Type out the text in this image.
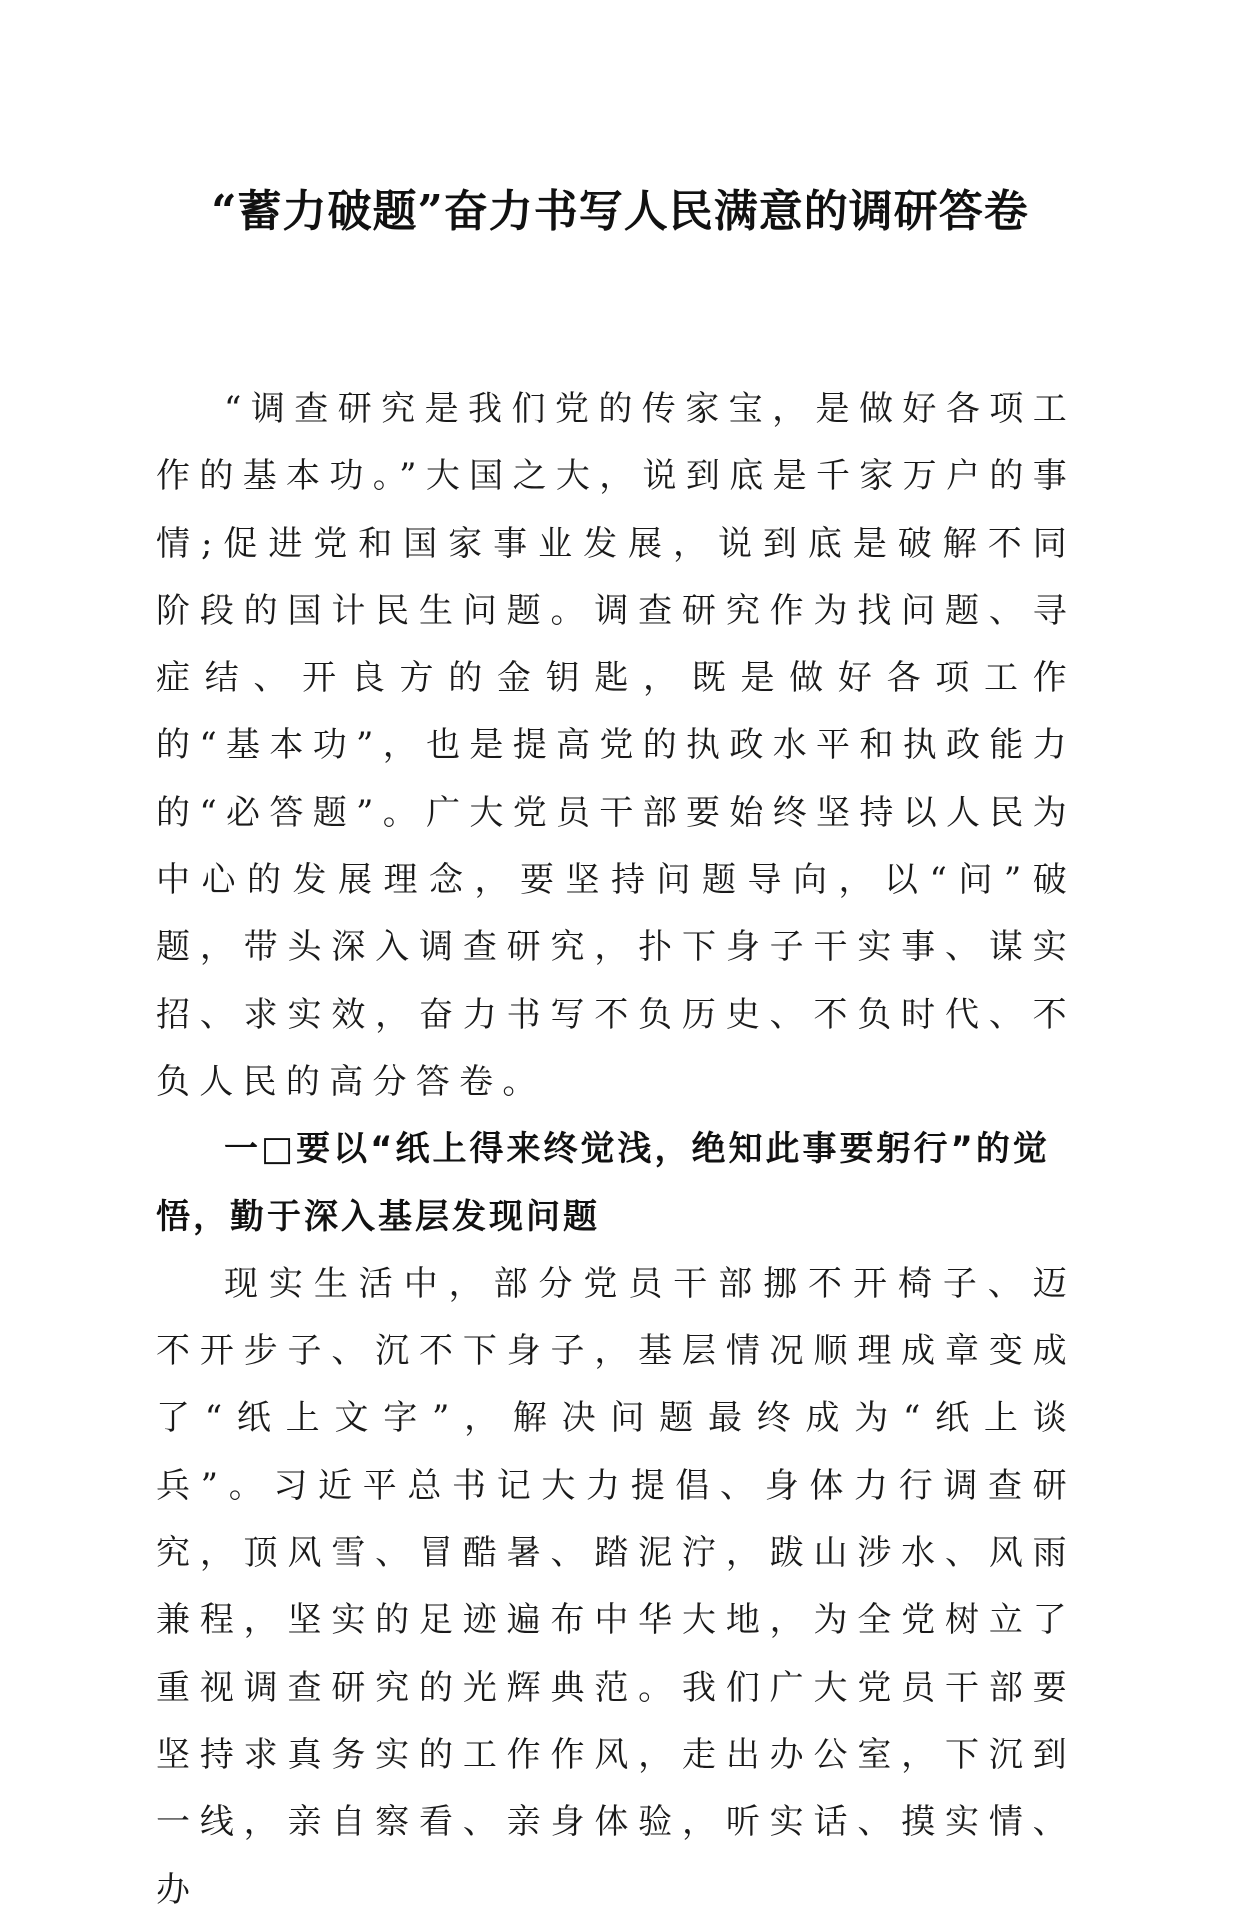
“蓄力破题”奋力书写人民满意的调研答卷

“调查研究是我们党的传家宝，是做好各项工作的基本功。”大国之大，说到底是千家万户的事情;促进党和国家事业发展，说到底是破解不同阶段的国计民生问题。调查研究作为找问题、寻症结、开良方的金钥匙，既是做好各项工作的“基本功”，也是提高党的执政水平和执政能力的“必答题”。广大党员干部要始终坚持以人民为中心的发展理念，要坚持问题导向，以“问”破题，带头深入调查研究，扑下身子干实事、谋实招、求实效，奋力书写不负历史、不负时代、不负人民的高分答卷。

一□要以“纸上得来终觉浅，绝知此事要躬行”的觉悟，勤于深入基层发现问题

现实生活中，部分党员干部挪不开椅子、迈不开步子、沉不下身子，基层情况顺理成章变成了“纸上文字”，解决问题最终成为“纸上谈兵”。习近平总书记大力提倡、身体力行调查研究，顶风雪、冒酷暑、踏泥泞，跋山涉水、风雨兼程，坚实的足迹遍布中华大地，为全党树立了重视调查研究的光辉典范。我们广大党员干部要坚持求真务实的工作作风，走出办公室，下沉到一线，亲自察看、亲身体验，听实话、摸实情、办
